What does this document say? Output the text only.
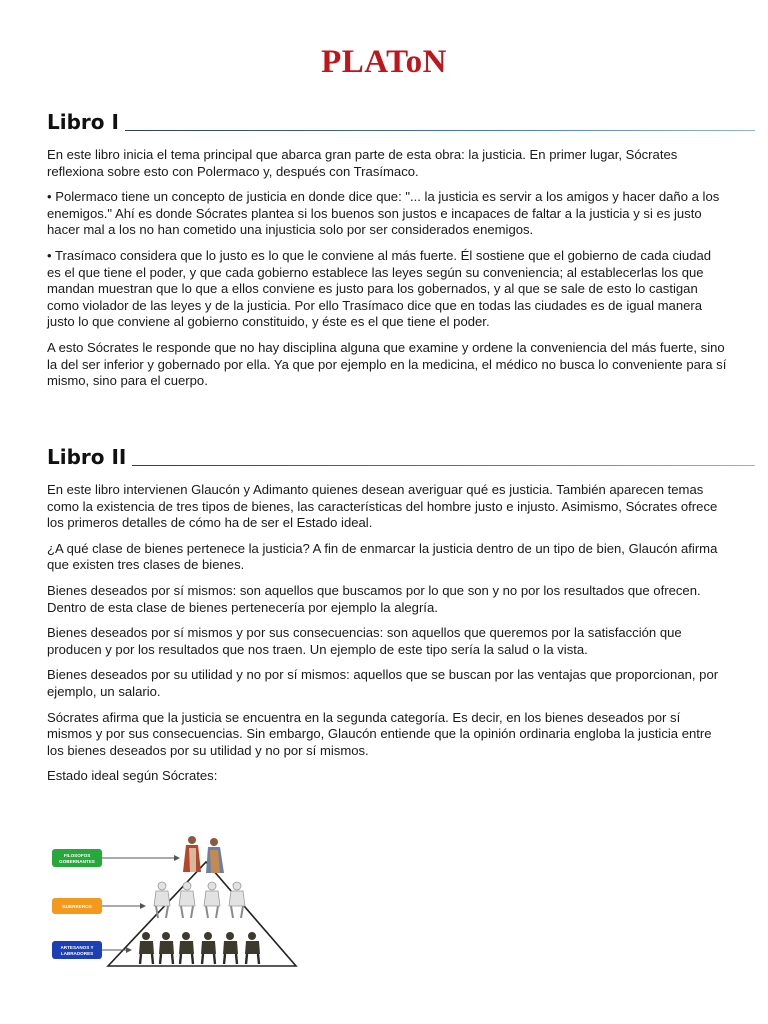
PLAToN
Libro I

En este libro inicia el tema principal que abarca gran parte de esta obra: la justicia. En primer lugar, Sócrates reflexiona sobre esto con Polermaco y, después con Trasímaco.

• Polermaco tiene un concepto de justicia en donde dice que: "... la justicia es servir a los amigos y hacer daño a los enemigos." Ahí es donde Sócrates plantea si los buenos son justos e incapaces de faltar a la justicia y si es justo hacer mal a los no han cometido una injusticia solo por ser considerados enemigos.

• Trasímaco considera que lo justo es lo que le conviene al más fuerte. Él sostiene que el gobierno de cada ciudad es el que tiene el poder, y que cada gobierno establece las leyes según su conveniencia; al establecerlas los que mandan muestran que lo que a ellos conviene es justo para los gobernados, y al que se sale de esto lo castigan como violador de las leyes y de la justicia. Por ello Trasímaco dice que en todas las ciudades es de igual manera justo lo que conviene al gobierno constituido, y éste es el que tiene el poder.

A esto Sócrates le responde que no hay disciplina alguna que examine y ordene la conveniencia del más fuerte, sino la del ser inferior y gobernado por ella. Ya que por ejemplo en la medicina, el médico no busca lo conveniente para sí mismo, sino para el cuerpo.

Libro II

En este libro intervienen Glaucón y Adimanto quienes desean averiguar qué es justicia. También aparecen temas como la existencia de tres tipos de bienes, las características del hombre justo e injusto. Asimismo, Sócrates ofrece los primeros detalles de cómo ha de ser el Estado ideal.

¿A qué clase de bienes pertenece la justicia? A fin de enmarcar la justicia dentro de un tipo de bien, Glaucón afirma que existen tres clases de bienes.

Bienes deseados por sí mismos: son aquellos que buscamos por lo que son y no por los resultados que ofrecen. Dentro de esta clase de bienes pertenecería por ejemplo la alegría.

Bienes deseados por sí mismos y por sus consecuencias: son aquellos que queremos por la satisfacción que producen y por los resultados que nos traen. Un ejemplo de este tipo sería la salud o la vista.

Bienes deseados por su utilidad y no por sí mismos: aquellos que se buscan por las ventajas que proporcionan, por ejemplo, un salario.

Sócrates afirma que la justicia se encuentra en la segunda categoría. Es decir, en los bienes deseados por sí mismos y por sus consecuencias. Sin embargo, Glaucón entiende que la opinión ordinaria engloba la justicia entre los bienes deseados por su utilidad y no por sí mismos.

Estado ideal según Sócrates:

FILOSOFOS
GOBERNANTES
GUERREROS
ARTESANOS Y
LABRADORES
